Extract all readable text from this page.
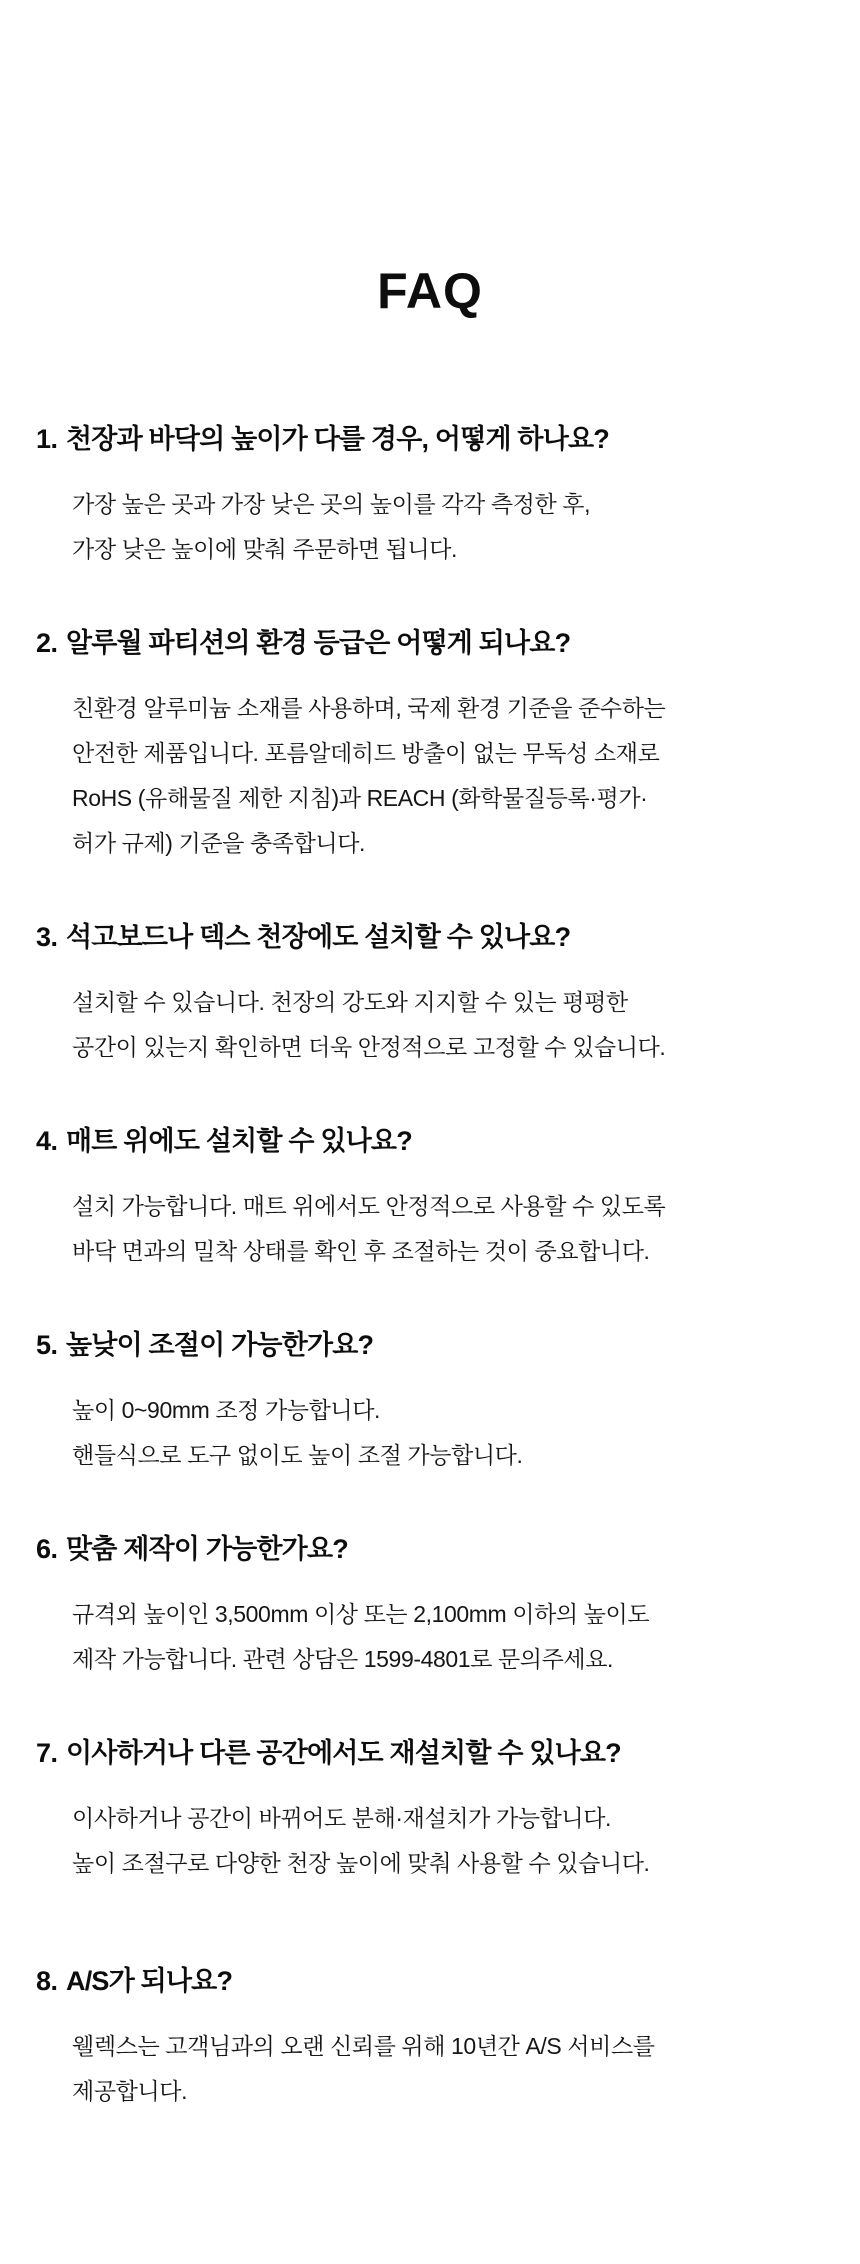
FAQ
1. 천장과 바닥의 높이가 다를 경우, 어떻게 하나요?

가장 높은 곳과 가장 낮은 곳의 높이를 각각 측정한 후,

가장 낮은 높이에 맞춰 주문하면 됩니다.

2. 알루월 파티션의 환경 등급은 어떻게 되나요?

친환경 알루미늄 소재를 사용하며, 국제 환경 기준을 준수하는

안전한 제품입니다. 포름알데히드 방출이 없는 무독성 소재로

RoHS (유해물질 제한 지침)과 REACH (화학물질등록·평가·

허가 규제) 기준을 충족합니다.

3. 석고보드나 덱스 천장에도 설치할 수 있나요?

설치할 수 있습니다. 천장의 강도와 지지할 수 있는 평평한

공간이 있는지 확인하면 더욱 안정적으로 고정할 수 있습니다.

4. 매트 위에도 설치할 수 있나요?

설치 가능합니다. 매트 위에서도 안정적으로 사용할 수 있도록

바닥 면과의 밀착 상태를 확인 후 조절하는 것이 중요합니다.

5. 높낮이 조절이 가능한가요?

높이 0~90mm 조정 가능합니다.

핸들식으로 도구 없이도 높이 조절 가능합니다.

6. 맞춤 제작이 가능한가요?

규격외 높이인 3,500mm 이상 또는 2,100mm 이하의 높이도

제작 가능합니다. 관련 상담은 1599-4801로 문의주세요.

7. 이사하거나 다른 공간에서도 재설치할 수 있나요?

이사하거나 공간이 바뀌어도 분해·재설치가 가능합니다.

높이 조절구로 다양한 천장 높이에 맞춰 사용할 수 있습니다.

8. A/S가 되나요?

웰렉스는 고객님과의 오랜 신뢰를 위해 10년간 A/S 서비스를

제공합니다.
